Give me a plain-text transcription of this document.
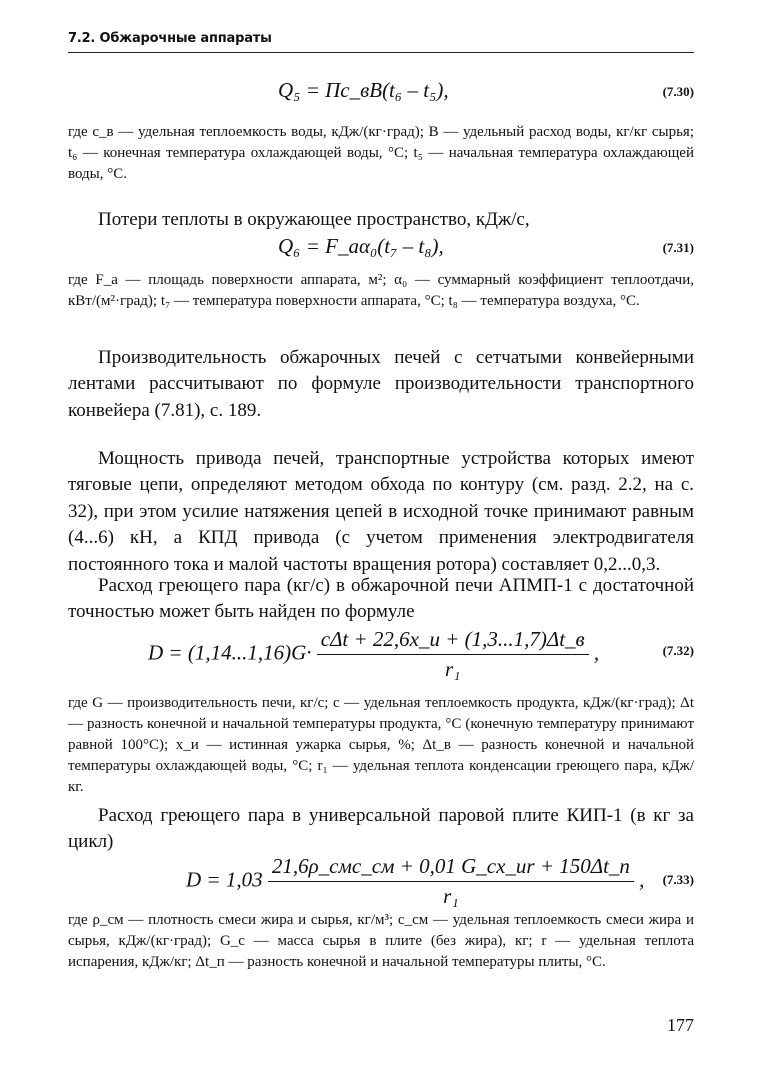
7.2. Обжарочные аппараты
Q₅ = Пc_вB(t₆ – t₅),	(7.30)

где c_в — удельная теплоемкость воды, кДж/(кг·град); B — удельный расход воды, кг/кг сырья; t₆ — конечная температура охлаждающей воды, °С; t₅ — начальная температура охлаждающей воды, °С.

Потери теплоты в окружающее пространство, кДж/с,

Q₆ = F_аα₀(t₇ – t₈),	(7.31)

где F_а — площадь поверхности аппарата, м²; α₀ — суммарный коэффициент теплоотдачи, кВт/(м²·град); t₇ — температура поверхности аппарата, °С; t₈ — температура воздуха, °С.

Производительность обжарочных печей с сетчатыми конвейерными лентами рассчитывают по формуле производительности транспортного конвейера (7.81), с. 189.

Мощность привода печей, транспортные устройства которых имеют тяговые цепи, определяют методом обхода по контуру (см. разд. 2.2, на с. 32), при этом усилие натяжения цепей в исходной точке принимают равным (4...6) кН, а КПД привода (с учетом применения электродвигателя постоянного тока и малой частоты вращения ротора) составляет 0,2...0,3.

Расход греющего пара (кг/с) в обжарочной печи АПМП-1 с достаточной точностью может быть найден по формуле

$D = (1,14...1,16)G\cdot \frac{\text{cΔt + 22,6x\_и + (1,3...1,7)Δt\_в}}{\text{r₁}}$ ,	(7.32)

где G — производительность печи, кг/с; c — удельная теплоемкость продукта, кДж/(кг·град); Δt — разность конечной и начальной температуры продукта, °С (конечную температуру принимают равной 100°С); x_и — истинная ужарка сырья, %; Δt_в — разность конечной и начальной температуры охлаждающей воды, °С; r₁ — удельная теплота конденсации греющего пара, кДж/кг.

Расход греющего пара в универсальной паровой плите КИП-1 (в кг за цикл)

$D = 1,03 \frac{\text{21,6ρ\_смc\_см + 0,01 G\_сx\_иr + 150Δt\_п}}{\text{r₁}}$ , (7.33)

где ρ_см — плотность смеси жира и сырья, кг/м³; c_см — удельная теплоемкость смеси жира и сырья, кДж/(кг·град); G_с — масса сырья в плите (без жира), кг; r — удельная теплота испарения, кДж/кг; Δt_п — разность конечной и начальной температуры плиты, °С.

177
